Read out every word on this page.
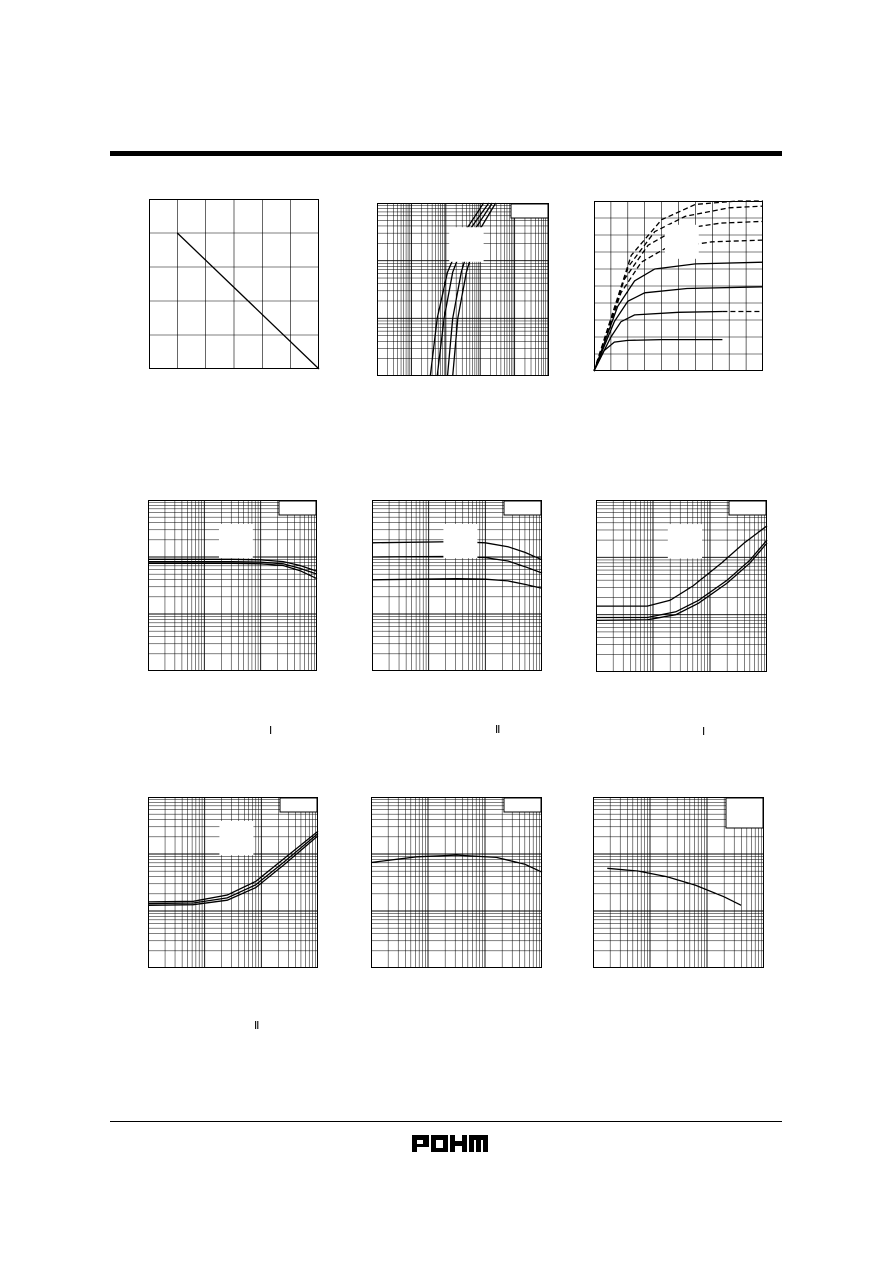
Ⅰ	Ⅱ	Ⅰ
Ⅱ
